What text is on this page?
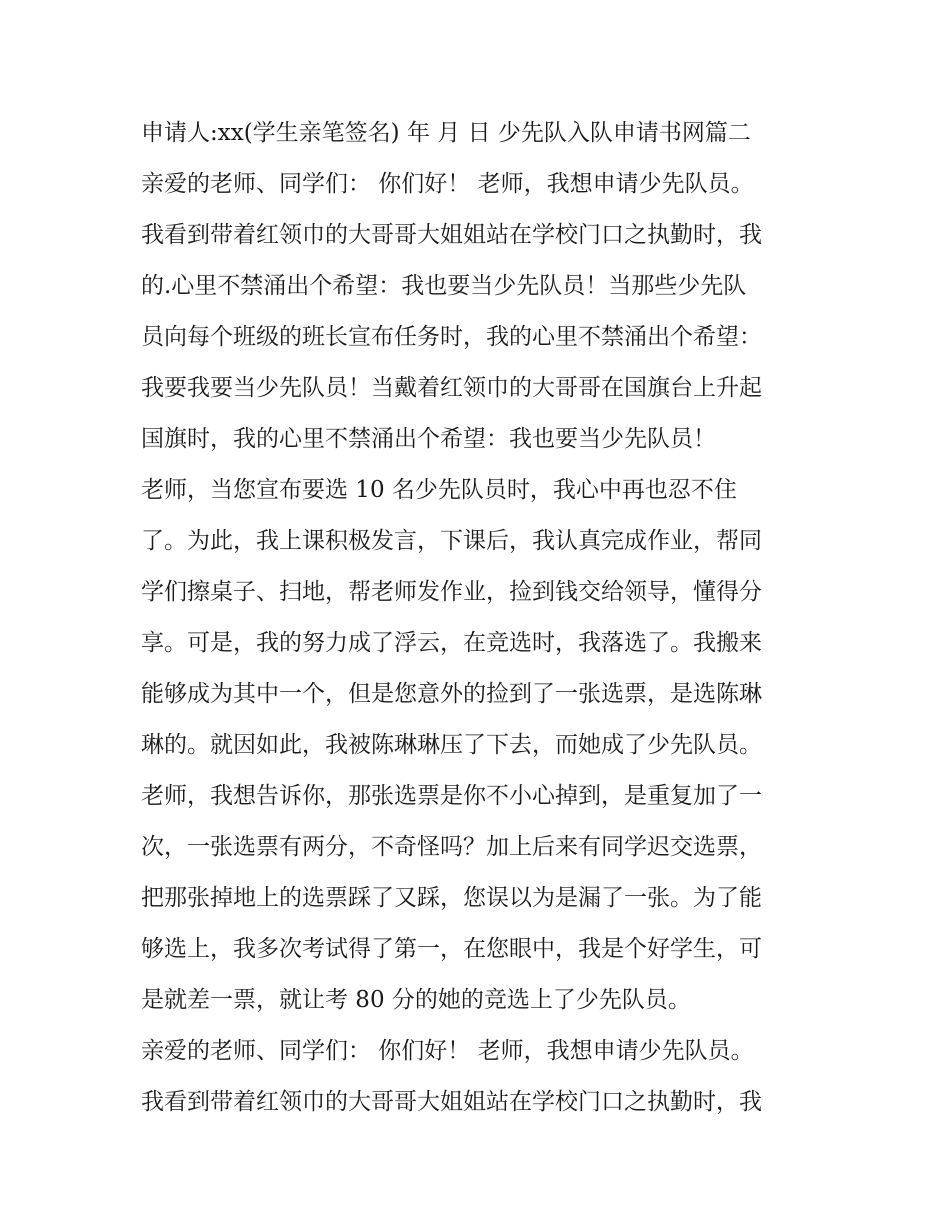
申请人:xx(学生亲笔签名) 年 月 日 少先队入队申请书网篇二
亲爱的老师、同学们： 你们好！ 老师，我想申请少先队员。
我看到带着红领巾的大哥哥大姐姐站在学校门口之执勤时，我
的.心里不禁涌出个希望：我也要当少先队员！当那些少先队
员向每个班级的班长宣布任务时，我的心里不禁涌出个希望：
我要我要当少先队员！当戴着红领巾的大哥哥在国旗台上升起
国旗时，我的心里不禁涌出个希望：我也要当少先队员！
老师，当您宣布要选 10 名少先队员时，我心中再也忍不住
了。为此，我上课积极发言，下课后，我认真完成作业，帮同
学们擦桌子、扫地，帮老师发作业，捡到钱交给领导，懂得分
享。可是，我的努力成了浮云，在竞选时，我落选了。我搬来
能够成为其中一个，但是您意外的捡到了一张选票，是选陈琳
琳的。就因如此，我被陈琳琳压了下去，而她成了少先队员。
老师，我想告诉你，那张选票是你不小心掉到，是重复加了一
次，一张选票有两分，不奇怪吗？加上后来有同学迟交选票，
把那张掉地上的选票踩了又踩，您误以为是漏了一张。为了能
够选上，我多次考试得了第一，在您眼中，我是个好学生，可
是就差一票，就让考 80 分的她的竞选上了少先队员。
亲爱的老师、同学们： 你们好！ 老师，我想申请少先队员。
我看到带着红领巾的大哥哥大姐姐站在学校门口之执勤时，我
